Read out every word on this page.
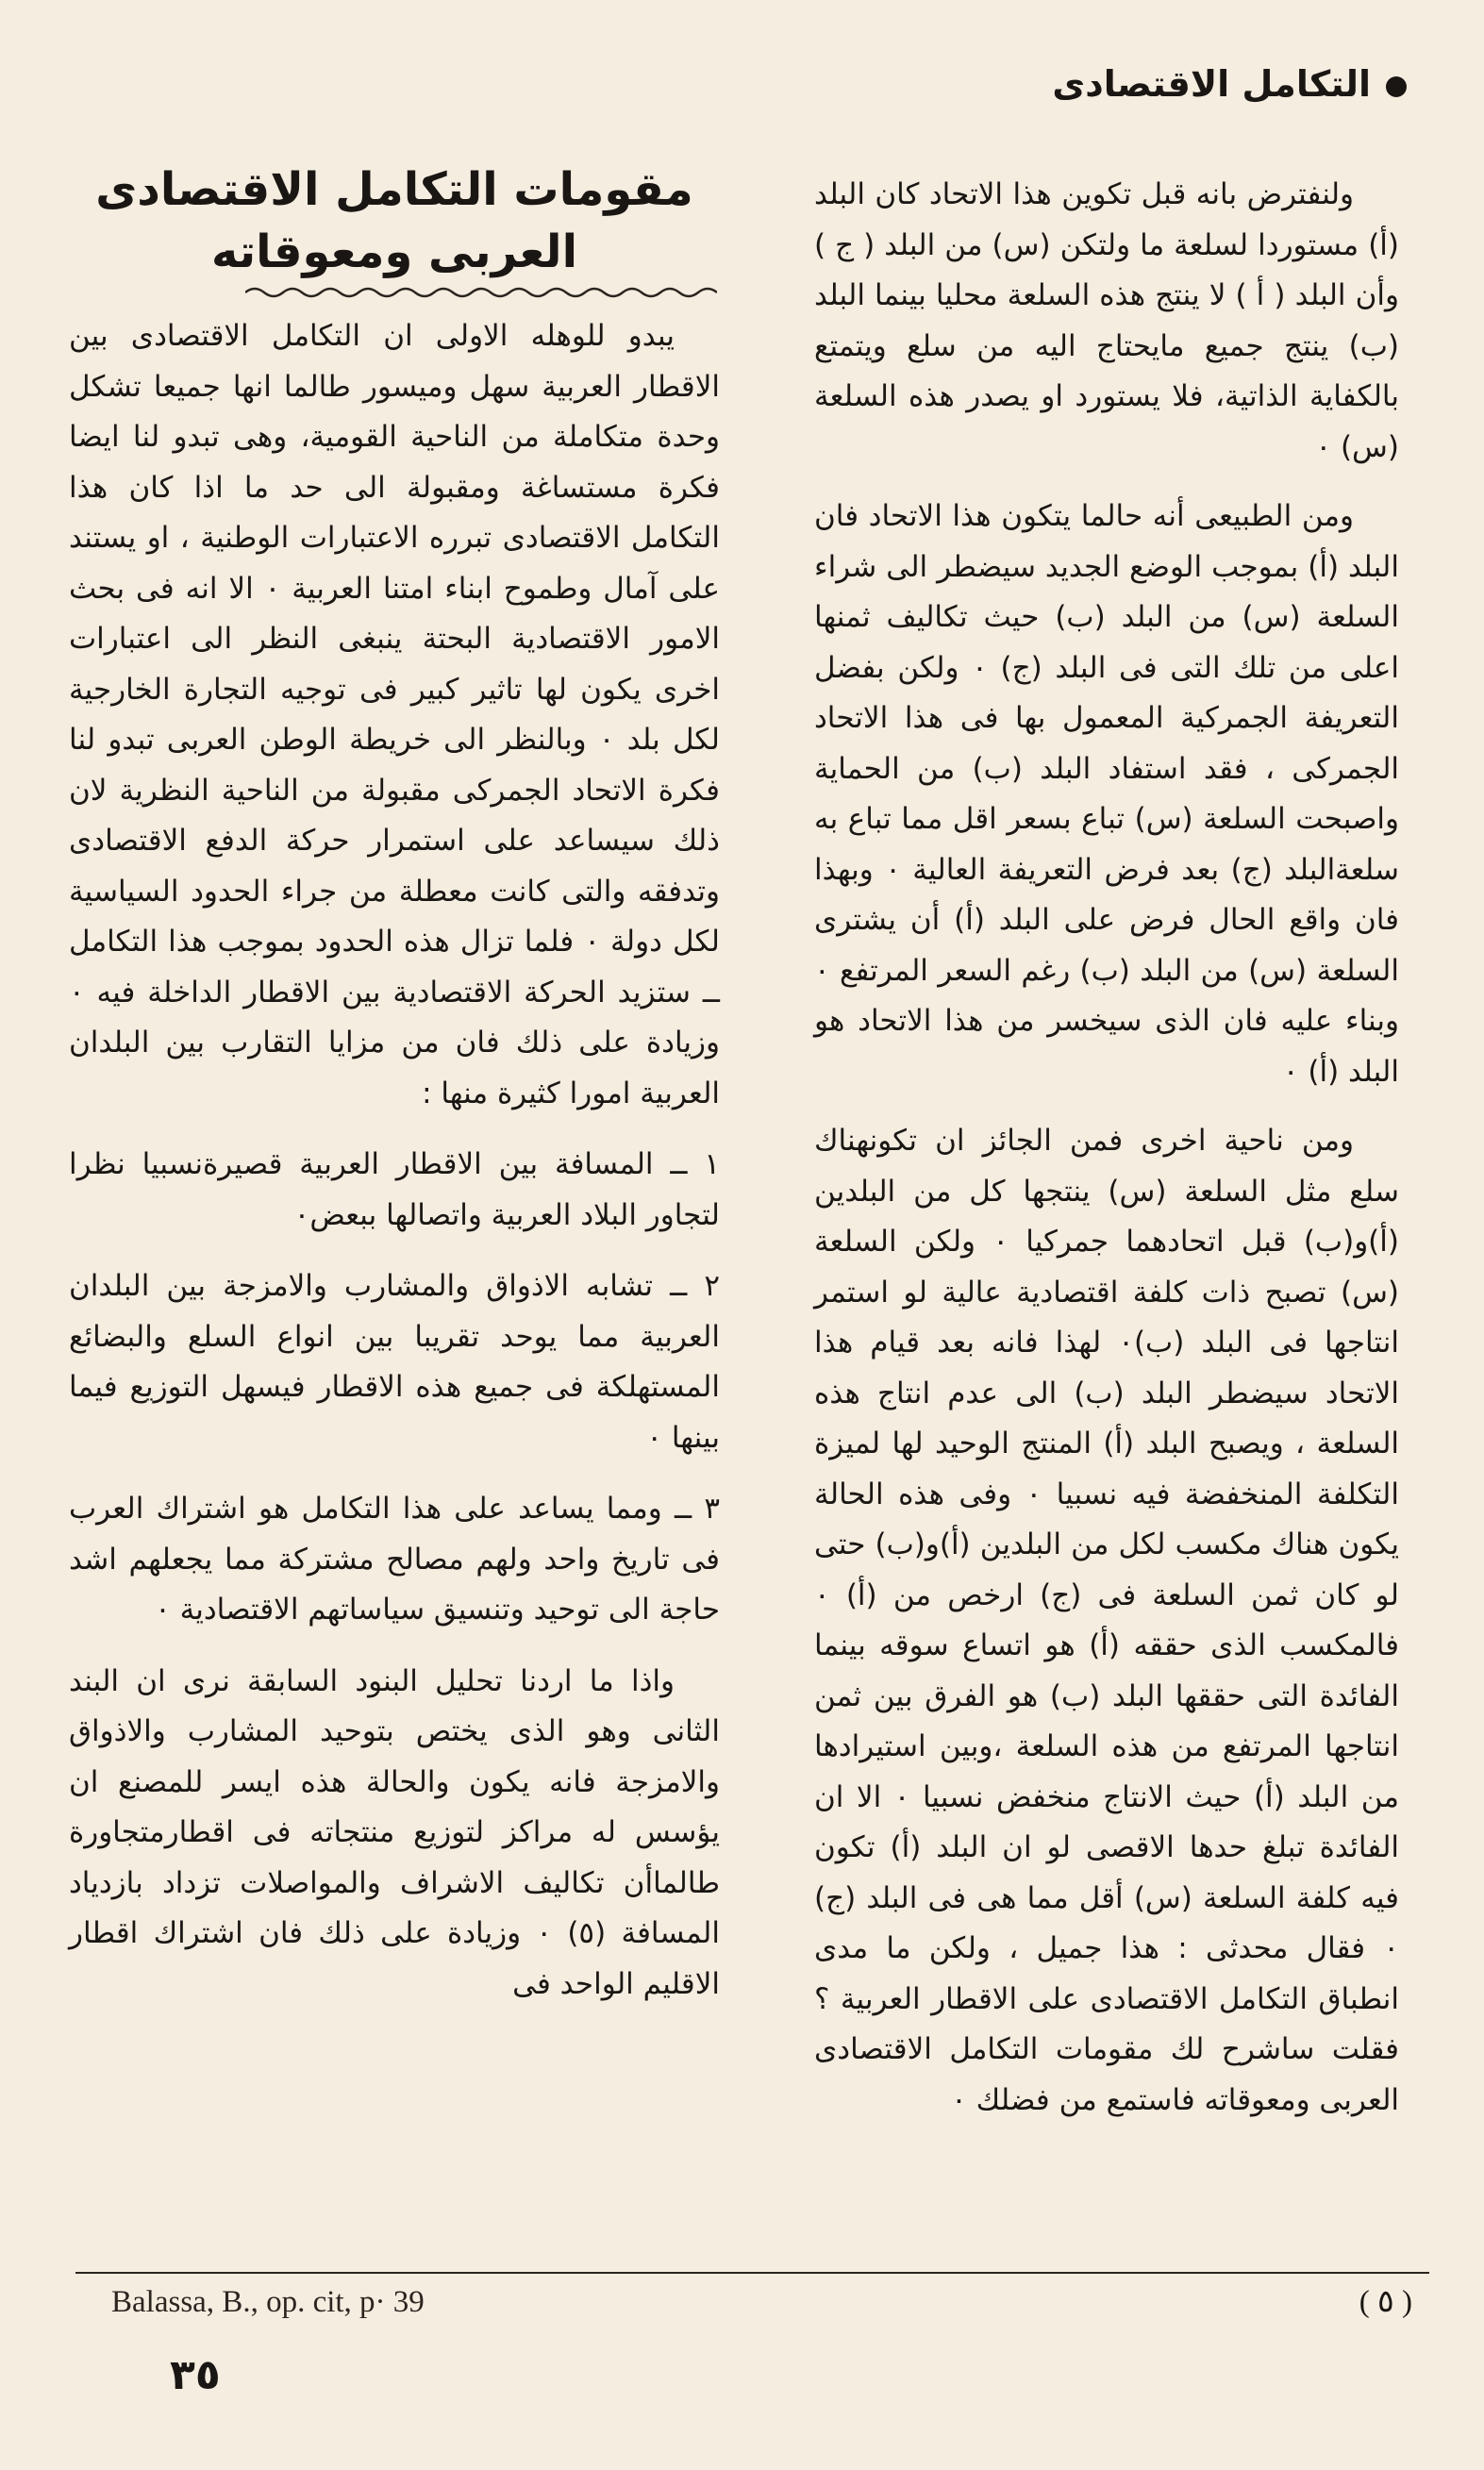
التكامل الاقتصادى
مقومات التكامل الاقتصادى
العربى ومعوقاته

ولنفترض بانه قبل تكوين هذا الاتحاد كان البلد (أ) مستوردا لسلعة ما ولتكن (س) من البلد ( ج ) وأن البلد ( أ ) لا ينتج هذه السلعة محليا بينما البلد (ب) ينتج جميع مايحتاج اليه من سلع ويتمتع بالكفاية الذاتية، فلا يستورد او يصدر هذه السلعة (س) ٠

ومن الطبيعى أنه حالما يتكون هذا الاتحاد فان البلد (أ) بموجب الوضع الجديد سيضطر الى شراء السلعة (س) من البلد (ب) حيث تكاليف ثمنها اعلى من تلك التى فى البلد (ج) ٠ ولكن بفضل التعريفة الجمركية المعمول بها فى هذا الاتحاد الجمركى ، فقد استفاد البلد (ب) من الحماية واصبحت السلعة (س) تباع بسعر اقل مما تباع به سلعةالبلد (ج) بعد فرض التعريفة العالية ٠ وبهذا فان واقع الحال فرض على البلد (أ) أن يشترى السلعة (س) من البلد (ب) رغم السعر المرتفع ٠ وبناء عليه فان الذى سيخسر من هذا الاتحاد هو البلد (أ) ٠

ومن ناحية اخرى فمن الجائز ان تكونهناك سلع مثل السلعة (س) ينتجها كل من البلدين (أ)و(ب) قبل اتحادهما جمركيا ٠ ولكن السلعة (س) تصبح ذات كلفة اقتصادية عالية لو استمر انتاجها فى البلد (ب)٠ لهذا فانه بعد قيام هذا الاتحاد سيضطر البلد (ب) الى عدم انتاج هذه السلعة ، ويصبح البلد (أ) المنتج الوحيد لها لميزة التكلفة المنخفضة فيه نسبيا ٠ وفى هذه الحالة يكون هناك مكسب لكل من البلدين (أ)و(ب) حتى لو كان ثمن السلعة فى (ج) ارخص من (أ) ٠ فالمكسب الذى حققه (أ) هو اتساع سوقه بينما الفائدة التى حققها البلد (ب) هو الفرق بين ثمن انتاجها المرتفع من هذه السلعة ،وبين استيرادها من البلد (أ) حيث الانتاج منخفض نسبيا ٠ الا ان الفائدة تبلغ حدها الاقصى لو ان البلد (أ) تكون فيه كلفة السلعة (س) أقل مما هى فى البلد (ج) ٠ فقال محدثى : هذا جميل ، ولكن ما مدى انطباق التكامل الاقتصادى على الاقطار العربية ؟ فقلت ساشرح لك مقومات التكامل الاقتصادى العربى ومعوقاته فاستمع من فضلك ٠

يبدو للوهله الاولى ان التكامل الاقتصادى بين الاقطار العربية سهل وميسور طالما انها جميعا تشكل وحدة متكاملة من الناحية القومية، وهى تبدو لنا ايضا فكرة مستساغة ومقبولة الى حد ما اذا كان هذا التكامل الاقتصادى تبرره الاعتبارات الوطنية ، او يستند على آمال وطموح ابناء امتنا العربية ٠ الا انه فى بحث الامور الاقتصادية البحتة ينبغى النظر الى اعتبارات اخرى يكون لها تاثير كبير فى توجيه التجارة الخارجية لكل بلد ٠ وبالنظر الى خريطة الوطن العربى تبدو لنا فكرة الاتحاد الجمركى مقبولة من الناحية النظرية لان ذلك سيساعد على استمرار حركة الدفع الاقتصادى وتدفقه والتى كانت معطلة من جراء الحدود السياسية لكل دولة ٠ فلما تزال هذه الحدود بموجب هذا التكامل ــ ستزيد الحركة الاقتصادية بين الاقطار الداخلة فيه ٠ وزيادة على ذلك فان من مزايا التقارب بين البلدان العربية امورا كثيرة منها :

١ ــ المسافة بين الاقطار العربية قصيرةنسبيا نظرا لتجاور البلاد العربية واتصالها ببعض٠

٢ ــ تشابه الاذواق والمشارب والامزجة بين البلدان العربية مما يوحد تقريبا بين انواع السلع والبضائع المستهلكة فى جميع هذه الاقطار فيسهل التوزيع فيما بينها ٠

٣ ــ ومما يساعد على هذا التكامل هو اشتراك العرب فى تاريخ واحد ولهم مصالح مشتركة مما يجعلهم اشد حاجة الى توحيد وتنسيق سياساتهم الاقتصادية ٠

واذا ما اردنا تحليل البنود السابقة نرى ان البند الثانى وهو الذى يختص بتوحيد المشارب والاذواق والامزجة فانه يكون والحالة هذه ايسر للمصنع ان يؤسس له مراكز لتوزيع منتجاته فى اقطارمتجاورة طالماأن تكاليف الاشراف والمواصلات تزداد بازدياد المسافة (٥) ٠ وزيادة على ذلك فان اشتراك اقطار الاقليم الواحد فى

Balassa, B., op. cit, p· 39	( ٥ )
٣٥
